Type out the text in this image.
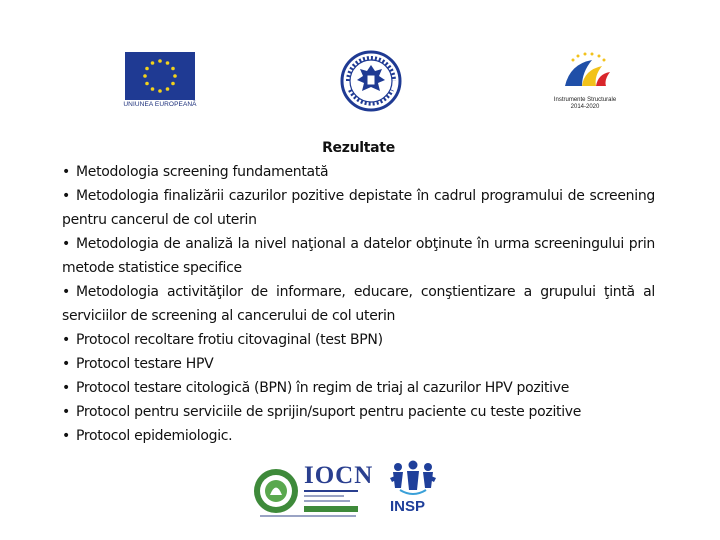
UNIUNEA EUROPEANĂ
Instrumente Structurale
2014-2020

Rezultate

• Metodologia screening fundamentată

• Metodologia finalizării cazurilor pozitive depistate în cadrul programului de screening pentru cancerul de col uterin

• Metodologia de analiză la nivel naţional a datelor obţinute în urma screeningului prin metode statistice specifice

• Metodologia activităţilor de informare, educare, conştientizare a grupului ţintă al serviciilor de screening al cancerului de col uterin

• Protocol recoltare frotiu citovaginal (test BPN)

• Protocol testare HPV

• Protocol testare citologică (BPN) în regim de triaj al cazurilor HPV pozitive

• Protocol pentru serviciile de sprijin/suport pentru paciente cu teste pozitive

• Protocol epidemiologic.

IOCN
INSP
